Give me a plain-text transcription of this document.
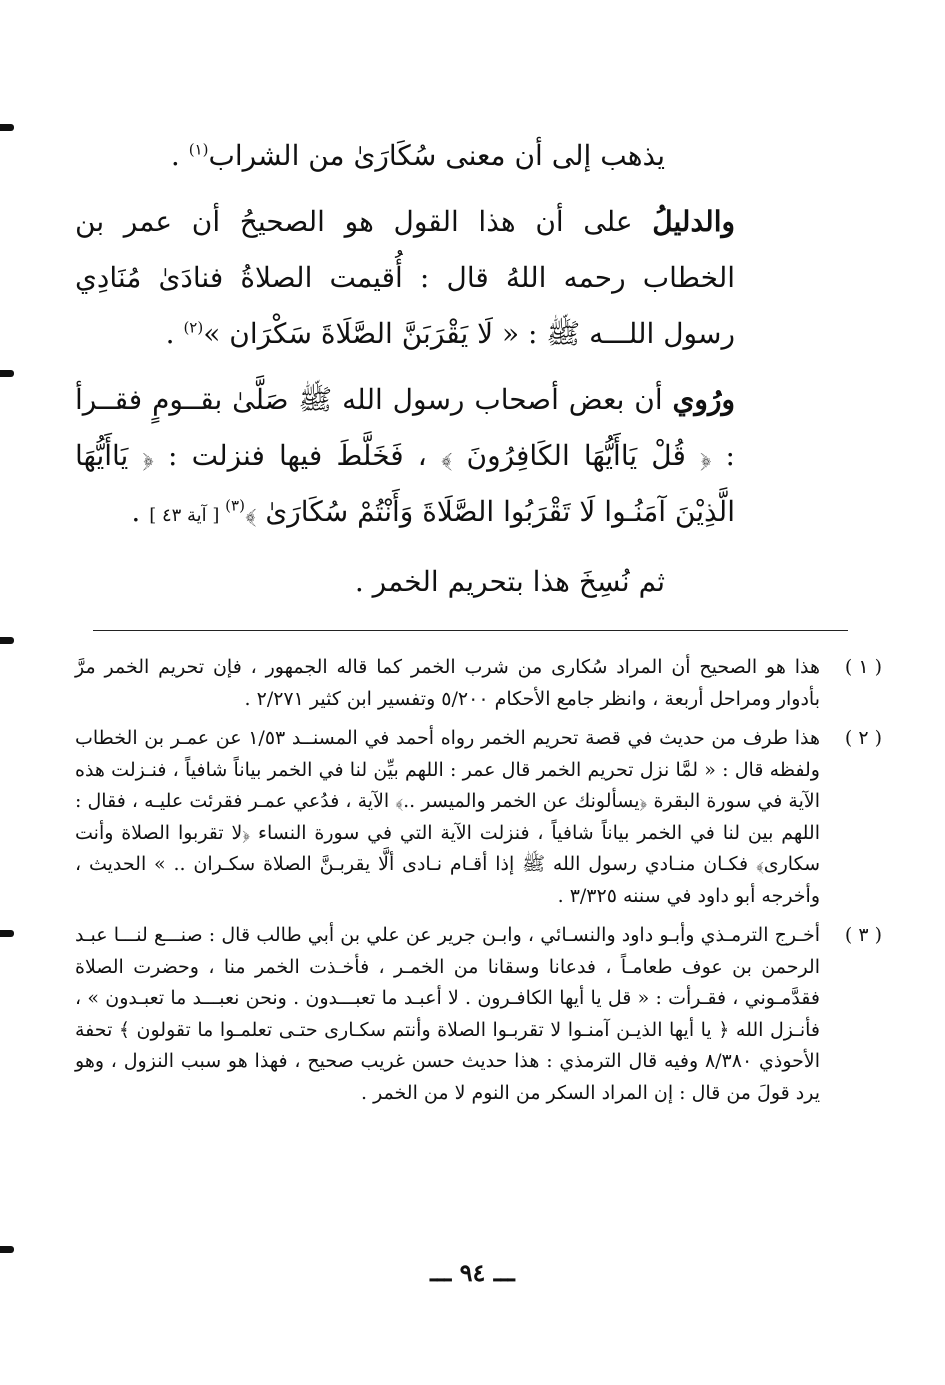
يذهب إلى أن معنى سُكَارَىٰ من الشراب$^{(١)}$ .

والدليلُ على أن هذا القول هو الصحيحُ أن عمر بن الخطاب رحمه اللهُ قال : أُقيمت الصلاةُ فنادَىٰ مُنَادِي رسول اللـــه ﷺ : « لَا يَقْرَبَنَّ الصَّلَاةَ سَكْرَان »$^{(٢)}$ .

ورُوي أن بعض أصحاب رسول الله ﷺ صَلَّىٰ بقــومٍ فقــرأ : ﴿ قُلْ يَاأَيُّهَا الكَافِرُونَ ﴾ ، فَخَلَّطَ فيها فنزلت : ﴿ يَاأَيُّهَا الَّذِيْنَ آمَنُـوا لَا تَقْرَبُوا الصَّلَاةَ وَأَنْتُمْ سُكَارَىٰ ﴾$^{(٣)}$ [ آية ٤٣ ] .

ثم نُسِخَ هذا بتحريم الخمر .

( ١ )
هذا هو الصحيح أن المراد سُكارى من شرب الخمر كما قاله الجمهور ، فإن تحريم الخمر مرَّ بأدوار ومراحل أربعة ، وانظر جامع الأحكام ٥/٢٠٠ وتفسير ابن كثير ٢/٢٧١ .
( ٢ )
هذا طرف من حديث في قصة تحريم الخمر رواه أحمد في المسنــد ١/٥٣ عن عمـر بن الخطاب ولفظه قال : « لمَّا نزل تحريم الخمر قال عمر : اللهم بيِّن لنا في الخمر بياناً شافياً ، فنـزلت هذه الآية في سورة البقرة ﴿يسألونك عن الخمر والميسر ..﴾ الآية ، فدُعي عمـر فقرئت عليـه ، فقال : اللهم بين لنا في الخمر بياناً شافياً ، فنزلت الآية التي في سورة النساء ﴿لا تقربوا الصلاة وأنت سكارى﴾ فكـان منـادي رسول الله ﷺ إذا أقـام نـادى ألَّا يقربـنَّ الصلاة سكـران .. » الحديث ، وأخرجه أبو داود في سننه ٣/٣٢٥ .
( ٣ )
أخـرج الترمـذي وأبـو داود والنسـائي ، وابـن جرير عن علي بن أبي طالب قال : صنـــع لنـــا عبـد الرحمن بن عوف طعامـاً ، فدعانا وسقانا من الخمـر ، فأخـذت الخمر منا ، وحضرت الصلاة فقدَّمـوني ، فقـرأت : « قل يا أيها الكافـرون . لا أعبـد ما تعبـــدون . ونحن نعبـــد ما تعبـدون » ، فأنـزل الله ﴿ يا أيها الذيـن آمنـوا لا تقربـوا الصلاة وأنتم سكـارى حتـى تعلمـوا ما تقولون ﴾ تحفة الأحوذي ٨/٣٨٠ وفيه قال الترمذي : هذا حديث حسن غريب صحيح ، فهذا هو سبب النزول ، وهو يرد قولَ من قال : إن المراد السكر من النوم لا من الخمر .
ـــ ٩٤ ـــ
